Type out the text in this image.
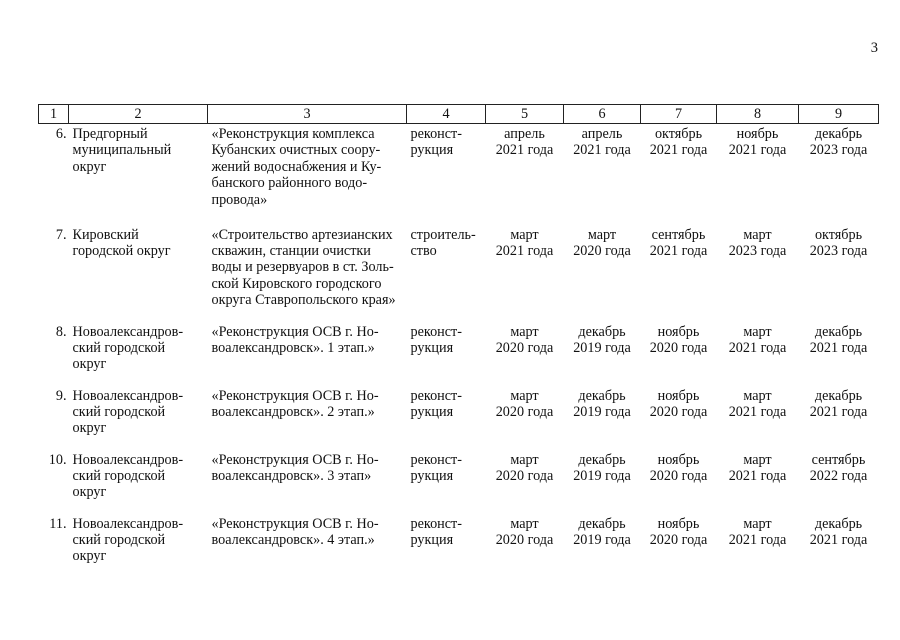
3
1	2	3	4	5	6	7	8	9
6.	Предгорный
муниципальный
округ	«Реконструкция комплекса
Кубанских очистных соору-
жений водоснабжения и Ку-
банского районного водо-
провода»	реконст-
рукция	апрель
2021 года	апрель
2021 года	октябрь
2021 года	ноябрь
2021 года	декабрь
2023 года

7.	Кировский
городской округ	«Строительство артезианских
скважин, станции очистки
воды и резервуаров в ст. Золь-
ской Кировского городского
округа Ставропольского края»	строитель-
ство	март
2021 года	март
2020 года	сентябрь
2021 года	март
2023 года	октябрь
2023 года

8.	Новоалександров-
ский городской
округ	«Реконструкция ОСВ г. Но-
воалександровск». 1 этап.»	реконст-
рукция	март
2020 года	декабрь
2019 года	ноябрь
2020 года	март
2021 года	декабрь
2021 года

9.	Новоалександров-
ский городской
округ	«Реконструкция ОСВ г. Но-
воалександровск». 2 этап.»	реконст-
рукция	март
2020 года	декабрь
2019 года	ноябрь
2020 года	март
2021 года	декабрь
2021 года

10.	Новоалександров-
ский городской
округ	«Реконструкция ОСВ г. Но-
воалександровск». 3 этап»	реконст-
рукция	март
2020 года	декабрь
2019 года	ноябрь
2020 года	март
2021 года	сентябрь
2022 года

11.	Новоалександров-
ский городской
округ	«Реконструкция ОСВ г. Но-
воалександровск». 4 этап.»	реконст-
рукция	март
2020 года	декабрь
2019 года	ноябрь
2020 года	март
2021 года	декабрь
2021 года
